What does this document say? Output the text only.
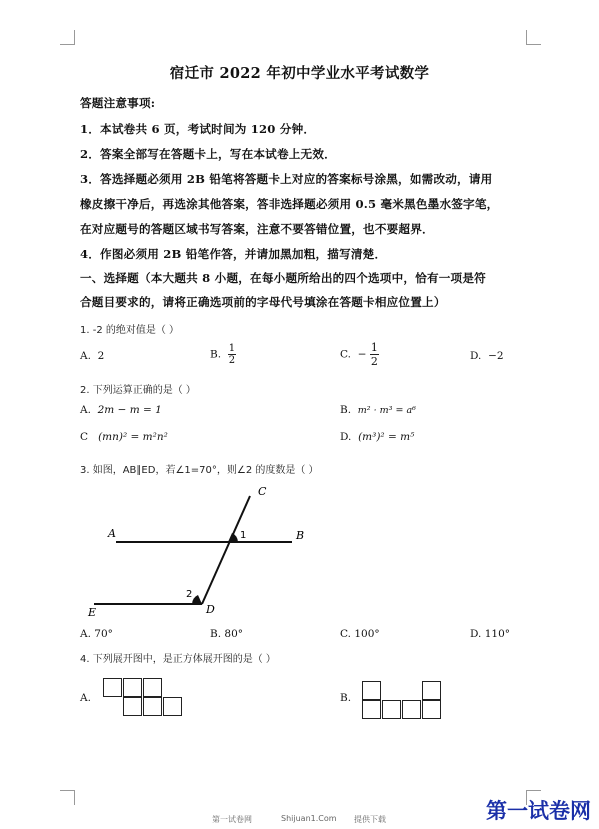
宿迁市 2022 年初中学业水平考试数学
答题注意事项:
1．本试卷共 6 页，考试时间为 120 分钟．
2．答案全部写在答题卡上，写在本试卷上无效．
3．答选择题必须用 2B 铅笔将答题卡上对应的答案标号涂黑，如需改动，请用
橡皮擦干净后，再选涂其他答案，答非选择题必须用 0.5 毫米黑色墨水签字笔，
在对应题号的答题区域书写答案，注意不要答错位置，也不要超界．
4．作图必须用 2B 铅笔作答，并请加黑加粗，描写清楚．
一、选择题（本大题共 8 小题，在每小题所给出的四个选项中，恰有一项是符
合题目要求的，请将正确选项前的字母代号填涂在答题卡相应位置上）
1. -2 的绝对值是（ ）
A. 2	B. $\frac{1}{2}$	C. − $\frac{1}{2}$	D. −2
2. 下列运算正确的是（ ）
A. 2m − m = 1	B. m² · m³ = a⁶
C (mn)² = m²n²	D. (m³)² = m⁵
3. 如图，AB∥ED，若∠1=70°，则∠2 的度数是（ ）
A	B
C
D
E
1
2
A. 70°	B. 80°	C. 100°	D. 110°
4. 下列展开图中，是正方体展开图的是（ ）
A.	B.
第一试卷网	Shijuan1.Com 提供下载	第一试卷网
